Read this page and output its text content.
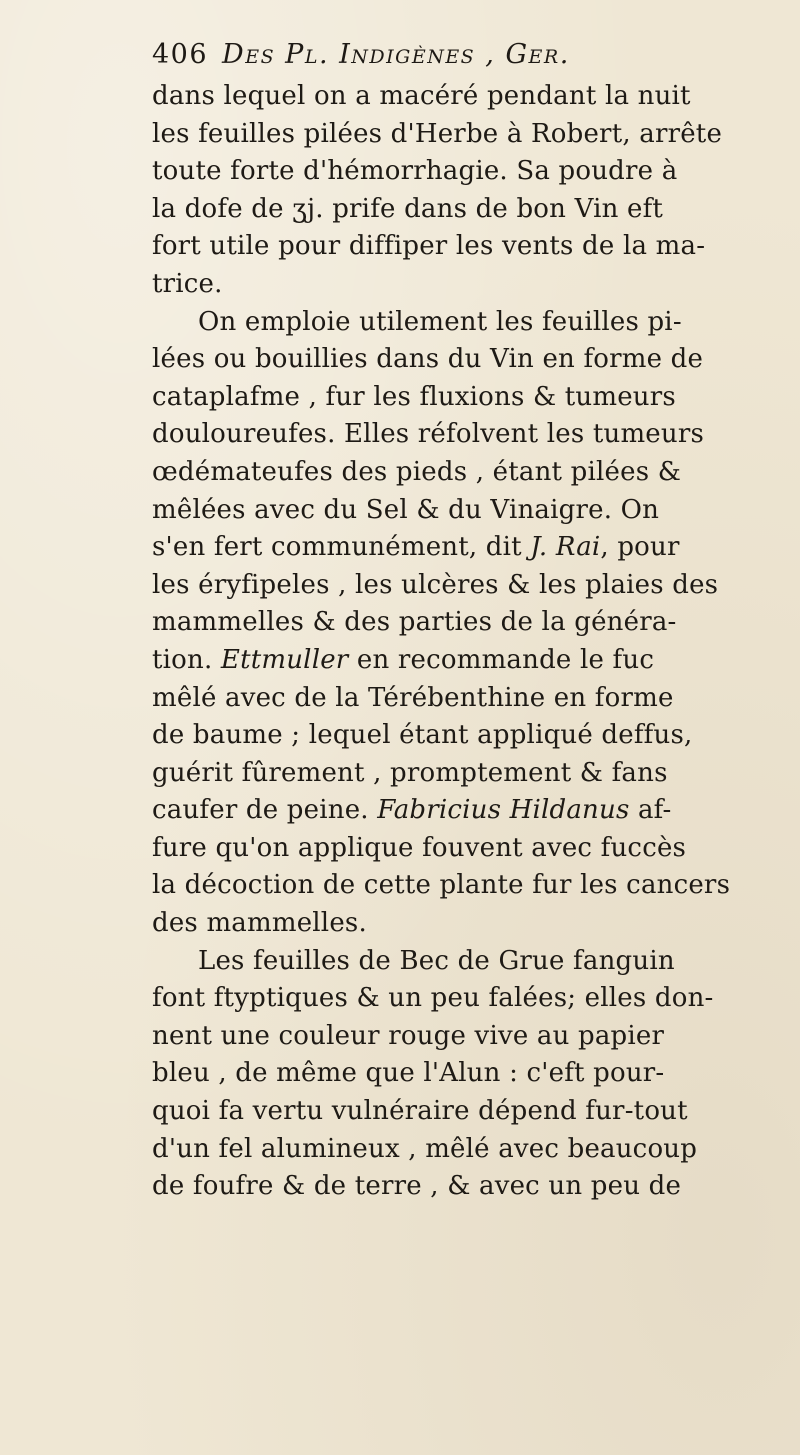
406 Des Pl. Indigènes , Ger.
dans lequel on a macéré pendant la nuit
les feuilles pilées d'Herbe à Robert, arrête
toute forte d'hémorrhagie. Sa poudre à
la dofe de ʒj. prife dans de bon Vin eft
fort utile pour diffiper les vents de la ma-
trice.
On emploie utilement les feuilles pi-
lées ou bouillies dans du Vin en forme de
cataplafme , fur les fluxions & tumeurs
douloureufes. Elles réfolvent les tumeurs
œdémateufes des pieds , étant pilées &
mêlées avec du Sel & du Vinaigre. On
s'en fert communément, dit J. Rai, pour
les éryfipeles , les ulcères & les plaies des
mammelles & des parties de la généra-
tion. Ettmuller en recommande le fuc
mêlé avec de la Térébenthine en forme
de baume ; lequel étant appliqué deffus,
guérit fûrement , promptement & fans
caufer de peine. Fabricius Hildanus af-
fure qu'on applique fouvent avec fuccès
la décoction de cette plante fur les cancers
des mammelles.
Les feuilles de Bec de Grue fanguin
font ftyptiques & un peu falées; elles don-
nent une couleur rouge vive au papier
bleu , de même que l'Alun : c'eft pour-
quoi fa vertu vulnéraire dépend fur-tout
d'un fel alumineux , mêlé avec beaucoup
de foufre & de terre , & avec un peu de
